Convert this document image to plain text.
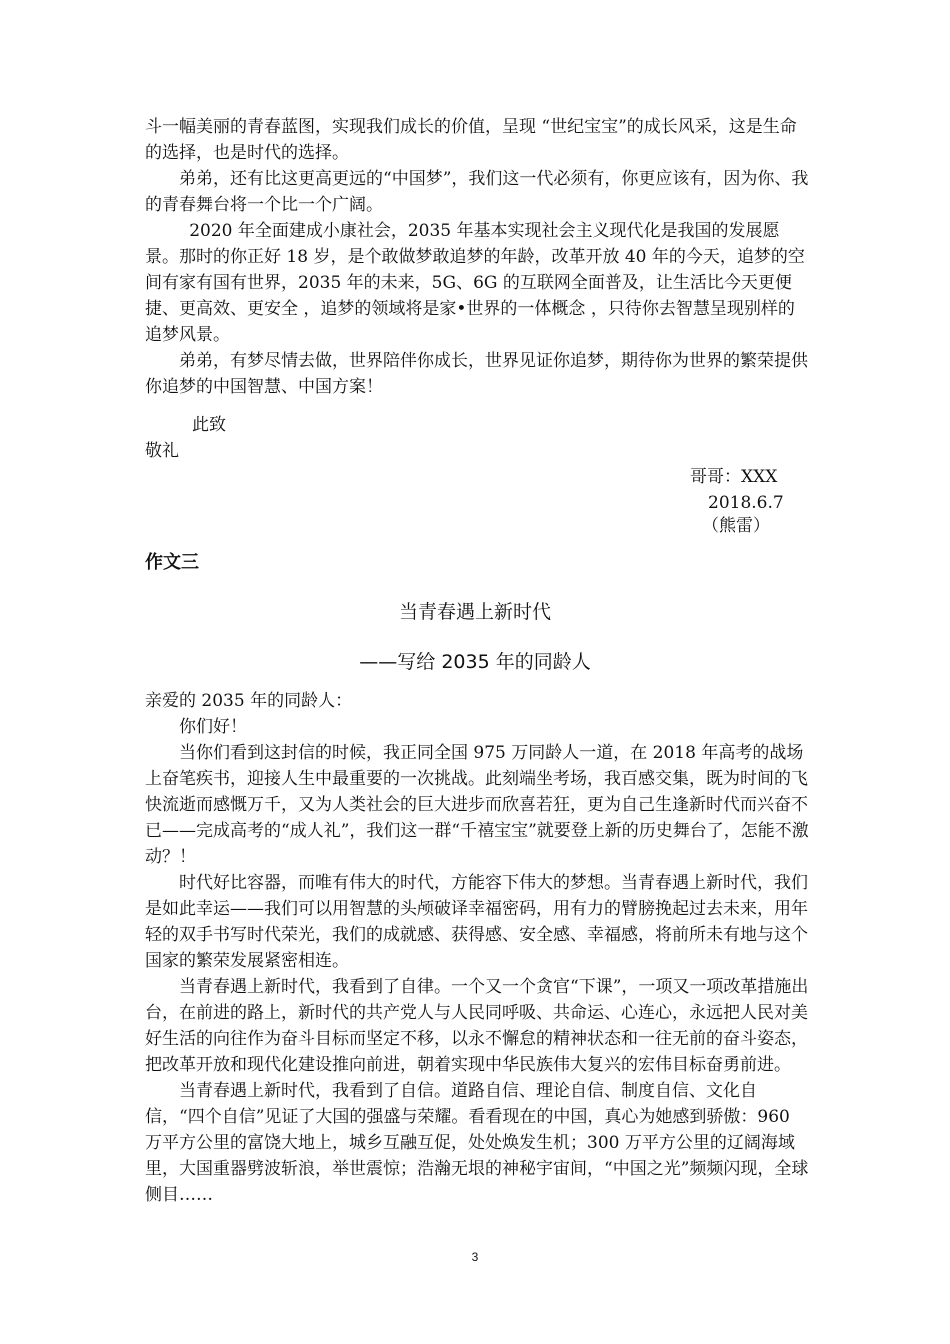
斗一幅美丽的青春蓝图，实现我们成长的价值，呈现 “世纪宝宝”的成长风采，这是生命的选择，也是时代的选择。

弟弟，还有比这更高更远的“中国梦”，我们这一代必须有，你更应该有，因为你、我的青春舞台将一个比一个广阔。

2020 年全面建成小康社会，2035 年基本实现社会主义现代化是我国的发展愿景。那时的你正好 18 岁，是个敢做梦敢追梦的年龄，改革开放 40 年的今天，追梦的空间有家有国有世界，2035 年的未来，5G、6G 的互联网全面普及，让生活比今天更便捷、更高效、更安全 ，追梦的领域将是家•世界的一体概念 ，只待你去智慧呈现别样的追梦风景。

弟弟，有梦尽情去做，世界陪伴你成长，世界见证你追梦，期待你为世界的繁荣提供你追梦的中国智慧、中国方案！

此致
敬礼
哥哥：XXX
2018.6.7
（熊雷）
作文三
当青春遇上新时代
——写给 2035 年的同龄人

亲爱的 2035 年的同龄人：

你们好！

当你们看到这封信的时候，我正同全国 975 万同龄人一道，在 2018 年高考的战场上奋笔疾书，迎接人生中最重要的一次挑战。此刻端坐考场，我百感交集，既为时间的飞快流逝而感慨万千，又为人类社会的巨大进步而欣喜若狂，更为自己生逢新时代而兴奋不已——完成高考的“成人礼”，我们这一群“千禧宝宝”就要登上新的历史舞台了，怎能不激动？！

时代好比容器，而唯有伟大的时代，方能容下伟大的梦想。当青春遇上新时代，我们是如此幸运——我们可以用智慧的头颅破译幸福密码，用有力的臂膀挽起过去未来，用年轻的双手书写时代荣光，我们的成就感、获得感、安全感、幸福感，将前所未有地与这个国家的繁荣发展紧密相连。

当青春遇上新时代，我看到了自律。一个又一个贪官“下课”，一项又一项改革措施出台，在前进的路上，新时代的共产党人与人民同呼吸、共命运、心连心，永远把人民对美好生活的向往作为奋斗目标而坚定不移，以永不懈怠的精神状态和一往无前的奋斗姿态，把改革开放和现代化建设推向前进，朝着实现中华民族伟大复兴的宏伟目标奋勇前进。

当青春遇上新时代，我看到了自信。道路自信、理论自信、制度自信、文化自信，“四个自信”见证了大国的强盛与荣耀。看看现在的中国，真心为她感到骄傲：960 万平方公里的富饶大地上，城乡互融互促，处处焕发生机；300 万平方公里的辽阔海域里，大国重器劈波斩浪，举世震惊；浩瀚无垠的神秘宇宙间，“中国之光”频频闪现，全球侧目……

3
